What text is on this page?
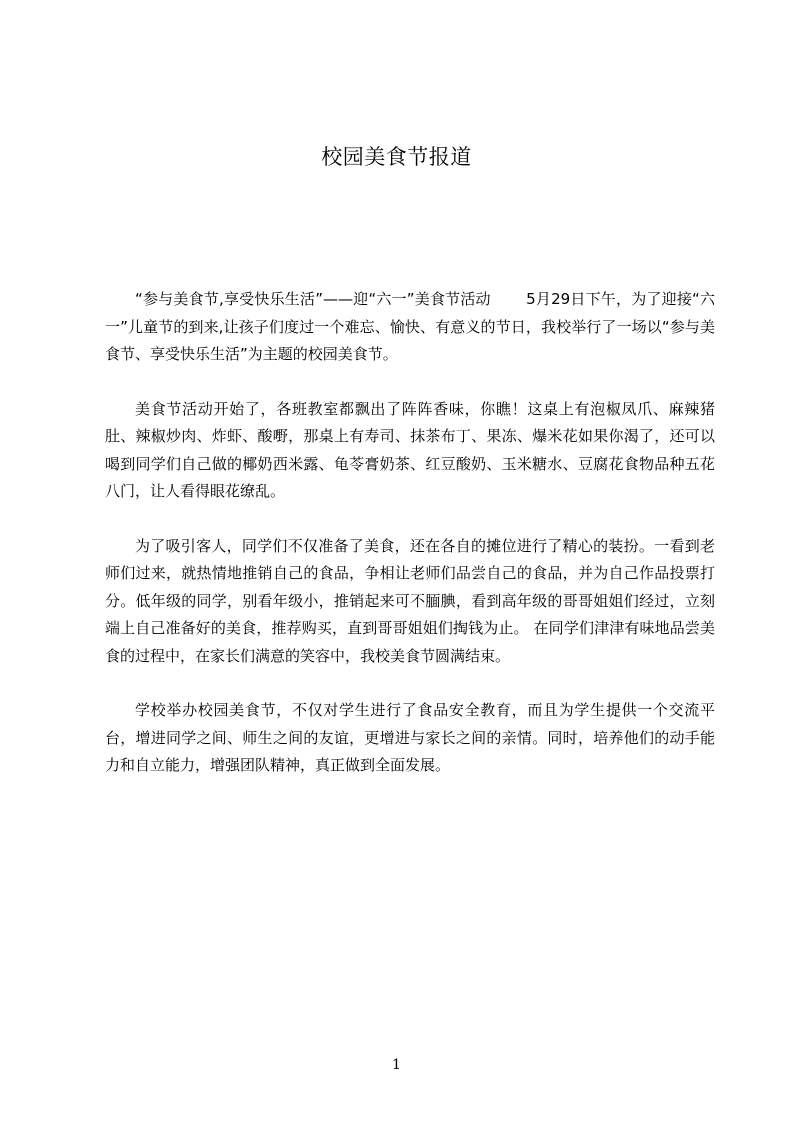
校园美食节报道

“参与美食节,享受快乐生活”——迎“六一”美食节活动　　 5月29日下午，为了迎接“六一”儿童节的到来,让孩子们度过一个难忘、愉快、有意义的节日，我校举行了一场以“参与美食节、享受快乐生活”为主题的校园美食节。

美食节活动开始了，各班教室都飘出了阵阵香味，你瞧！这桌上有泡椒凤爪、麻辣猪肚、辣椒炒肉、炸虾、酸嘢，那桌上有寿司、抹茶布丁、果冻、爆米花如果你渴了，还可以喝到同学们自己做的椰奶西米露、龟苓膏奶茶、红豆酸奶、玉米糖水、豆腐花食物品种五花八门，让人看得眼花缭乱。

为了吸引客人，同学们不仅准备了美食，还在各自的摊位进行了精心的装扮。一看到老师们过来，就热情地推销自己的食品，争相让老师们品尝自己的食品，并为自己作品投票打分。低年级的同学，别看年级小，推销起来可不腼腆，看到高年级的哥哥姐姐们经过，立刻端上自己准备好的美食，推荐购买，直到哥哥姐姐们掏钱为止。 在同学们津津有味地品尝美食的过程中，在家长们满意的笑容中，我校美食节圆满结束。

学校举办校园美食节，不仅对学生进行了食品安全教育，而且为学生提供一个交流平台，增进同学之间、师生之间的友谊，更增进与家长之间的亲情。同时，培养他们的动手能力和自立能力，增强团队精神，真正做到全面发展。

1
